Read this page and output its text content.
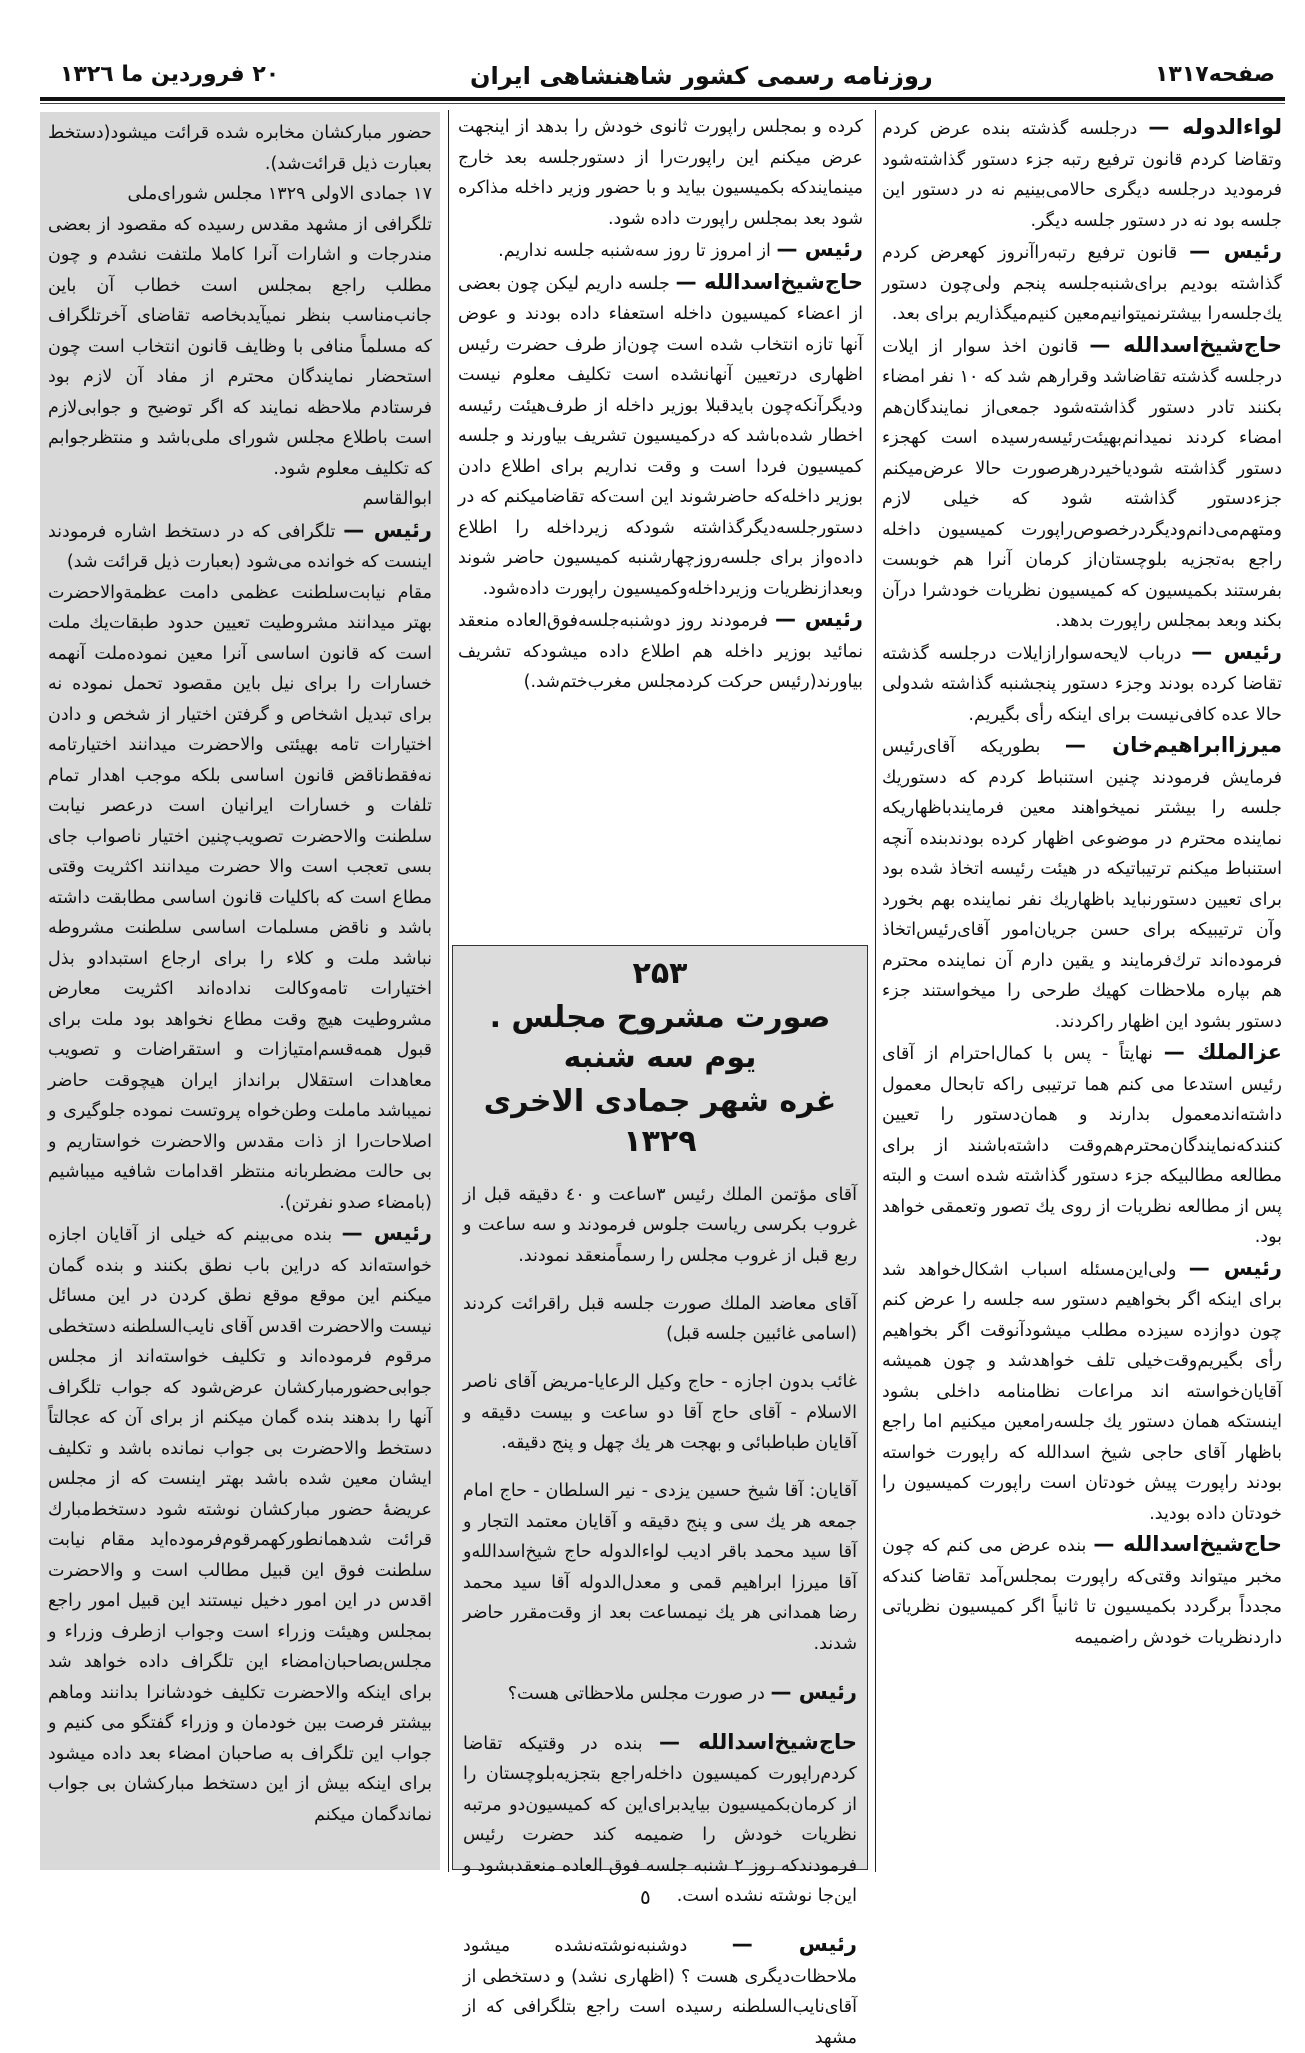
صفحه۱۳۱۷
روزنامه رسمی کشور شاهنشاهی ایران
۲۰ فروردین ما ۱۳۲٦

لواءالدوله — درجلسه گذشته بنده عرض کردم وتقاضا کردم قانون ترفیع رتبه جزء دستور گذاشته‌شود فرمودید درجلسه دیگری حالامی‌بینیم نه در دستور این جلسه بود نه در دستور جلسه دیگر.

رئیس — قانون ترفیع رتبه‌راآنروز کهعرض کردم گذاشته بودیم برای‌شنبه‌جلسه پنجم ولی‌چون دستور یك‌جلسه‌را بیشترنمیتوانیم‌معین کنیم‌میگذاریم برای بعد.

حاج‌شیخ‌اسدالله — قانون اخذ سوار از ایلات درجلسه گذشته تقاضاشد وقرارهم شد که ۱۰ نفر امضاء بکنند تادر دستور گذاشته‌شود جمعی‌از نمایندگان‌هم امضاء کردند نمیدانم‌بهیئت‌رئیسه‌رسیده است کهجزء دستور گذاشته شودیاخیردرهرصورت حالا عرض‌میکنم جزءدستور گذاشته شود که خیلی لازم ومتهم‌می‌دانم‌ودیگردرخصوص‌راپورت کمیسیون داخله راجع به‌تجزیه بلوچستان‌از کرمان آنرا هم خوبست بفرستند بکمیسیون که کمیسیون نظریات خودشرا درآن بکند وبعد بمجلس راپورت بدهد.

رئیس — درباب لایحه‌سوارازایلات درجلسه گذشته تقاضا کرده بودند وجزء دستور پنجشنبه گذاشته شدولی حالا عده کافی‌نیست برای اینکه رأی بگیریم.

میرزاابراهیم‌خان — بطوریکه آقای‌رئیس فرمایش فرمودند چنین استنباط کردم که دستوریك جلسه را بیشتر نمیخواهند معین فرمایندباظهاریکه نماینده محترم در موضوعی اظهار کرده بودندبنده آنچه استنباط میکنم ترتیباتیکه در هیئت رئیسه اتخاذ شده بود برای تعیین دستورنباید باظهاریك نفر نماینده بهم بخورد وآن ترتیبیکه برای حسن جریان‌امور آقای‌رئیس‌اتخاذ فرموده‌اند ترك‌فرمایند و یقین دارم آن نماینده محترم هم بپاره ملاحظات کهیك طرحی را میخواستند جزء دستور بشود این اظهار راکردند.

عزالملك — نهایتاً - پس با کمال‌احترام از آقای رئیس استدعا می کنم هما ترتیبی راکه تابحال معمول داشته‌اندمعمول بدارند و همان‌دستور را تعیین کنند‌که‌نمایندگان‌محترم‌هم‌وقت داشته‌باشند از برای مطالعه مطالبیکه جزء دستور گذاشته شده است و البته پس از مطالعه نظریات از روی یك تصور وتعمقی خواهد بود.

رئیس — ولی‌این‌مسئله اسباب اشکال‌خواهد شد برای اینکه اگر بخواهیم دستور سه جلسه را عرض کنم چون دوازده سیزده مطلب میشودآنوقت اگر بخواهیم رأی بگیریم‌وقت‌خیلی تلف خواهدشد و چون همیشه آقایان‌خواسته اند مراعات نظامنامه داخلی بشود اینستکه همان دستور یك جلسه‌رامعین میکنیم اما راجع باظهار آقای حاجی شیخ اسدالله که راپورت خواسته بودند راپورت پیش خودتان است راپورت کمیسیون را خودتان داده بودید.

حاج‌شیخ‌اسدالله — بنده عرض می کنم که چون مخبر میتواند وقتی‌که راپورت بمجلس‌آمد تقاضا کند‌که مجدداً برگردد بکمیسیون تا ثانیاً اگر کمیسیون نظریاتی داردنظریات خودش راضمیمه

کرده و بمجلس راپورت ثانوی خودش را بدهد از اینجهت عرض میکنم این راپورت‌را از دستورجلسه بعد خارج مینمایندکه بکمیسیون بیاید و با حضور وزیر داخله مذاکره شود بعد بمجلس راپورت داده شود.

رئیس — از امروز تا روز سه‌شنبه جلسه نداریم.

حاج‌شیخ‌اسدالله — جلسه داریم لیکن چون بعضی از اعضاء کمیسیون داخله استعفاء داده بودند و عوض آنها تازه انتخاب شده است چون‌از طرف حضرت رئیس اظهاری درتعیین آنهانشده است تکلیف معلوم نیست ودیگرآنکه‌چون بایدقبلا بوزیر داخله از طرف‌هیئت رئیسه اخطار شده‌باشد که درکمیسیون تشریف بیاورند و جلسه کمیسیون فردا است و وقت نداریم برای اطلاع دادن بوزیر داخله‌که حاضرشوند این است‌که تقاضامیکنم که در دستورجلسه‌دیگر‌گذاشته شودکه زیرداخله را اطلاع داده‌واز برای جلسه‌روزچهارشنبه کمیسیون حاضر شوند وبعدازنظریات وزیرداخله‌وکمیسیون راپورت داده‌شود.

رئیس — فرمودند روز دوشنبه‌جلسه‌فوق‌العاده منعقد نمائید بوزیر داخله هم اطلاع داده میشودکه تشریف بیاورند(رئیس حرکت کردمجلس مغرب‌ختم‌شد.)

۲۵۳
صورت مشروح مجلس . یوم سه شنبه
غره شهر جمادی الاخری ۱۳۲۹

آقای مؤتمن الملك رئیس ۳ساعت و ٤٠ دقیقه قبل از غروب بکرسی ریاست جلوس فرمودند و سه ساعت و ربع قبل از غروب مجلس را رسماًمنعقد نمودند.

آقای معاضد الملك صورت جلسه قبل راقرائت کردند (اسامی غائبین جلسه قبل)

غائب بدون اجازه - حاج وکیل الرعایا-مریض آقای ناصر الاسلام - آقای حاج آقا دو ساعت و بیست دقیقه و آقایان طباطبائی و بهجت هر یك چهل و پنج دقیقه.

آقایان: آقا شیخ حسین یزدی - نیر السلطان - حاج امام جمعه هر یك سی و پنج دقیقه و آقایان معتمد التجار و آقا سید محمد باقر ادیب لواءالدوله حاج شیخ‌اسدالله‌و آقا میرزا ابراهیم قمی و معدل‌الدوله آقا سید محمد رضا همدانی هر یك نیمساعت بعد از وقت‌مقرر حاضر شدند.

رئیس — در صورت مجلس ملاحظاتی هست؟

حاج‌شیخ‌اسدالله — بنده در وقتیکه تقاضا کردم‌راپورت کمیسیون داخله‌راجع بتجزیه‌بلوچستان را از کرمان‌بکمیسیون بیایدبرای‌این که کمیسیون‌دو مرتبه نظریات خودش را ضمیمه کند حضرت رئیس فرمودندکه روز ۲ شنبه جلسه فوق العاده منعقدبشود و این‌جا نوشته نشده است.

رئیس — دوشنبه‌نوشته‌نشده میشود ملاحظات‌دیگری هست ؟ (اظهاری نشد) و دستخطی از آقای‌نایب‌السلطنه رسیده است راجع بتلگرافی که از مشهد

حضور مبارکشان مخابره شده قرائت میشود(دستخط بعبارت ذیل قرائت‌شد).

۱۷ جمادی الاولی ۱۳۲۹ مجلس شورای‌ملی

تلگرافی از مشهد مقدس رسیده که مقصود از بعضی مندرجات و اشارات آنرا کاملا ملتفت نشدم و چون مطلب راجع بمجلس است خطاب آن باین جانب‌مناسب بنظر نمیآیدبخاصه تقاضای آخرتلگراف که مسلماً منافی با وظایف قانون انتخاب است چون استحضار نمایندگان محترم از مفاد آن لازم بود فرستادم ملاحظه نمایند که اگر توضیح و جوابی‌لازم است باطلاع مجلس شورای ملی‌باشد و منتظرجوابم که تکلیف معلوم شود.

ابوالقاسم

رئیس — تلگرافی که در دستخط اشاره فرمودند اینست که خوانده می‌شود (بعبارت ذیل قرائت شد)

مقام نیابت‌سلطنت عظمی دامت عظمة‌والاحضرت بهتر میدانند مشروطیت تعیین حدود طبقات‌یك ملت است که قانون اساسی آنرا معین نموده‌ملت آنهمه خسارات را برای نیل باین مقصود تحمل نموده نه برای تبدیل اشخاص و گرفتن اختیار از شخص و دادن اختیارات تامه بهیئتی والاحضرت میدانند اختیارتامه نه‌فقط‌ناقض قانون اساسی بلکه موجب اهدار تمام تلفات و خسارات ایرانیان است درعصر نیابت سلطنت والاحضرت تصویب‌چنین اختیار ناصواب جای بسی تعجب است والا حضرت میدانند اکثریت وقتی مطاع است که باکلیات قانون اساسی مطابقت داشته باشد و ناقض مسلمات اساسی سلطنت مشروطه نباشد ملت و کلاء را برای ارجاع استبداد‌و بذل اختیارات تامه‌وکالت نداده‌اند اکثریت معارض مشروطیت هیچ وقت مطاع نخواهد بود ملت برای قبول همه‌قسم‌امتیازات و استقراضات و تصویب معاهدات استقلال برانداز ایران هیچوقت حاضر نمیباشد ماملت وطن‌خواه پروتست نموده جلوگیری و اصلاحات‌را از ذات مقدس والاحضرت خواستاریم و بی حالت مضطربانه منتظر اقدامات شافیه میباشیم (بامضاء صدو نفرتن).

رئیس — بنده می‌بینم که خیلی از آقایان اجازه خواسته‌اند که دراین باب نطق بکنند و بنده گمان میکنم این موقع موقع نطق کردن در این مسائل نیست والاحضرت اقدس آقای نایب‌السلطنه دستخطی مرقوم فرموده‌اند و تکلیف خواسته‌اند از مجلس جوابی‌حضورمبارکشان عرض‌شود که جواب تلگراف آنها را بدهند بنده گمان میکنم از برای آن که عجالتاً دستخط والاحضرت بی جواب نمانده باشد و تکلیف ایشان معین شده باشد بهتر اینست که از مجلس عریضهٔ حضور مبارکشان نوشته شود دستخط‌مبارك قرائت شدهمانطورکهمرقوم‌فرموده‌اید مقام نیابت سلطنت فوق این قبیل مطالب است و والاحضرت اقدس در این امور دخیل نیستند این قبیل امور راجع بمجلس وهیئت وزراء است وجواب ازطرف وزراء و مجلس‌بصاحبان‌امضاء این تلگراف داده خواهد شد برای اینکه والاحضرت تکلیف خودشانرا بدانند وماهم بیشتر فرصت بین خودمان و وزراء گفتگو می کنیم و جواب این تلگراف به صاحبان امضاء بعد داده میشود برای اینکه بیش از این دستخط مبارکشان بی جواب نماند‌گمان میکنم

٥
